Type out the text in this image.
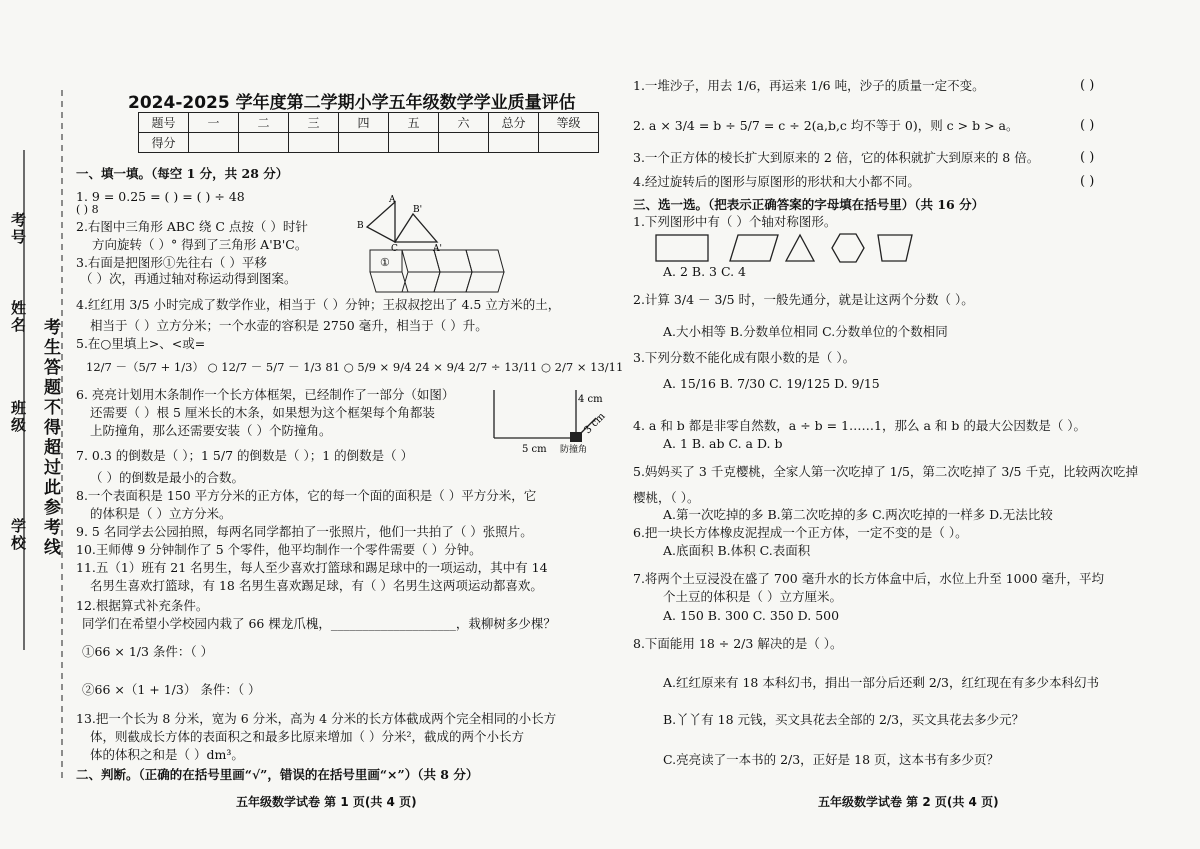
考号
姓名
班级
学校 考生答题不得超过此参考线
2024-2025 学年度第二学期小学五年级数学学业质量评估
题号	一	二	三	四	五	六	总分	等级
得分								
一、填一填。（每空 1 分，共 28 分）
( ) 8
1. 9 = 0.25 = ( ) = ( ) ÷ 48
2.右图中三角形 ABC 绕 C 点按（ ）时针
方向旋转（ ）° 得到了三角形 A'B'C。
3.右面是把图形①先往右（ ）平移
（ ）次，再通过轴对称运动得到图案。
4.红红用 3/5 小时完成了数学作业，相当于（ ）分钟；王叔叔挖出了 4.5 立方米的土，
相当于（ ）立方分米；一个水壶的容积是 2750 毫升，相当于（ ）升。
5.在○里填上>、<或=
12/7 －（5/7 + 1/3） ○ 12/7 － 5/7 － 1/3 81 ○ 5/9 × 9/4 24 × 9/4 2/7 ÷ 13/11 ○ 2/7 × 13/11
6. 亮亮计划用木条制作一个长方体框架，已经制作了一部分（如图）
还需要（ ）根 5 厘米长的木条，如果想为这个框架每个角都装
上防撞角，那么还需要安装（ ）个防撞角。
7. 0.3 的倒数是（ ）；1 5/7 的倒数是（ ）；1 的倒数是（ ）
（ ）的倒数是最小的合数。
8.一个表面积是 150 平方分米的正方体，它的每一个面的面积是（ ）平方分米，它
的体积是（ ）立方分米。
9. 5 名同学去公园拍照，每两名同学都拍了一张照片，他们一共拍了（ ）张照片。
10.王师傅 9 分钟制作了 5 个零件，他平均制作一个零件需要（ ）分钟。
11.五（1）班有 21 名男生，每人至少喜欢打篮球和踢足球中的一项运动，其中有 14
名男生喜欢打篮球，有 18 名男生喜欢踢足球，有（ ）名男生这两项运动都喜欢。
12.根据算式补充条件。
同学们在希望小学校园内栽了 66 棵龙爪槐，____________________，栽柳树多少棵？
①66 × 1/3 条件：（ ）
②66 ×（1 + 1/3） 条件：（ ）
13.把一个长为 8 分米，宽为 6 分米，高为 4 分米的长方体截成两个完全相同的小长方
体，则截成长方体的表面积之和最多比原来增加（ ）分米²，截成的两个小长方
体的体积之和是（ ）dm³。
二、判断。（正确的在括号里画“√”，错误的在括号里画“×”）（共 8 分）
五年级数学试卷 第 1 页(共 4 页)
A
B
C
B'
A'
①
4 cm
3 cm
5 cm 防撞角
1.一堆沙子，用去 1/6，再运来 1/6 吨，沙子的质量一定不变。	( )
2. a × 3/4 = b ÷ 5/7 = c ÷ 2(a,b,c 均不等于 0)，则 c > b > a。	( )
3.一个正方体的棱长扩大到原来的 2 倍，它的体积就扩大到原来的 8 倍。	( )
4.经过旋转后的图形与原图形的形状和大小都不同。	( )
三、选一选。（把表示正确答案的字母填在括号里）（共 16 分）
1.下列图形中有（ ）个轴对称图形。
A. 2 B. 3 C. 4
2.计算 3/4 － 3/5 时，一般先通分，就是让这两个分数（ ）。
A.大小相等 B.分数单位相同 C.分数单位的个数相同
3.下列分数不能化成有限小数的是（ ）。
A. 15/16 B. 7/30 C. 19/125 D. 9/15
4. a 和 b 都是非零自然数，a ÷ b = 1……1，那么 a 和 b 的最大公因数是（ ）。
A. 1 B. ab C. a D. b
5.妈妈买了 3 千克樱桃，全家人第一次吃掉了 1/5，第二次吃掉了 3/5 千克，比较两次吃掉
樱桃，（ ）。
A.第一次吃掉的多 B.第二次吃掉的多 C.两次吃掉的一样多 D.无法比较
6.把一块长方体橡皮泥捏成一个正方体，一定不变的是（ ）。
A.底面积 B.体积 C.表面积
7.将两个土豆浸没在盛了 700 毫升水的长方体盒中后，水位上升至 1000 毫升，平均
个土豆的体积是（ ）立方厘米。
A. 150 B. 300 C. 350 D. 500
8.下面能用 18 ÷ 2/3 解决的是（ ）。
A.红红原来有 18 本科幻书，捐出一部分后还剩 2/3，红红现在有多少本科幻书
B.丫丫有 18 元钱，买文具花去全部的 2/3，买文具花去多少元？
C.亮亮读了一本书的 2/3，正好是 18 页，这本书有多少页？
五年级数学试卷 第 2 页(共 4 页)
